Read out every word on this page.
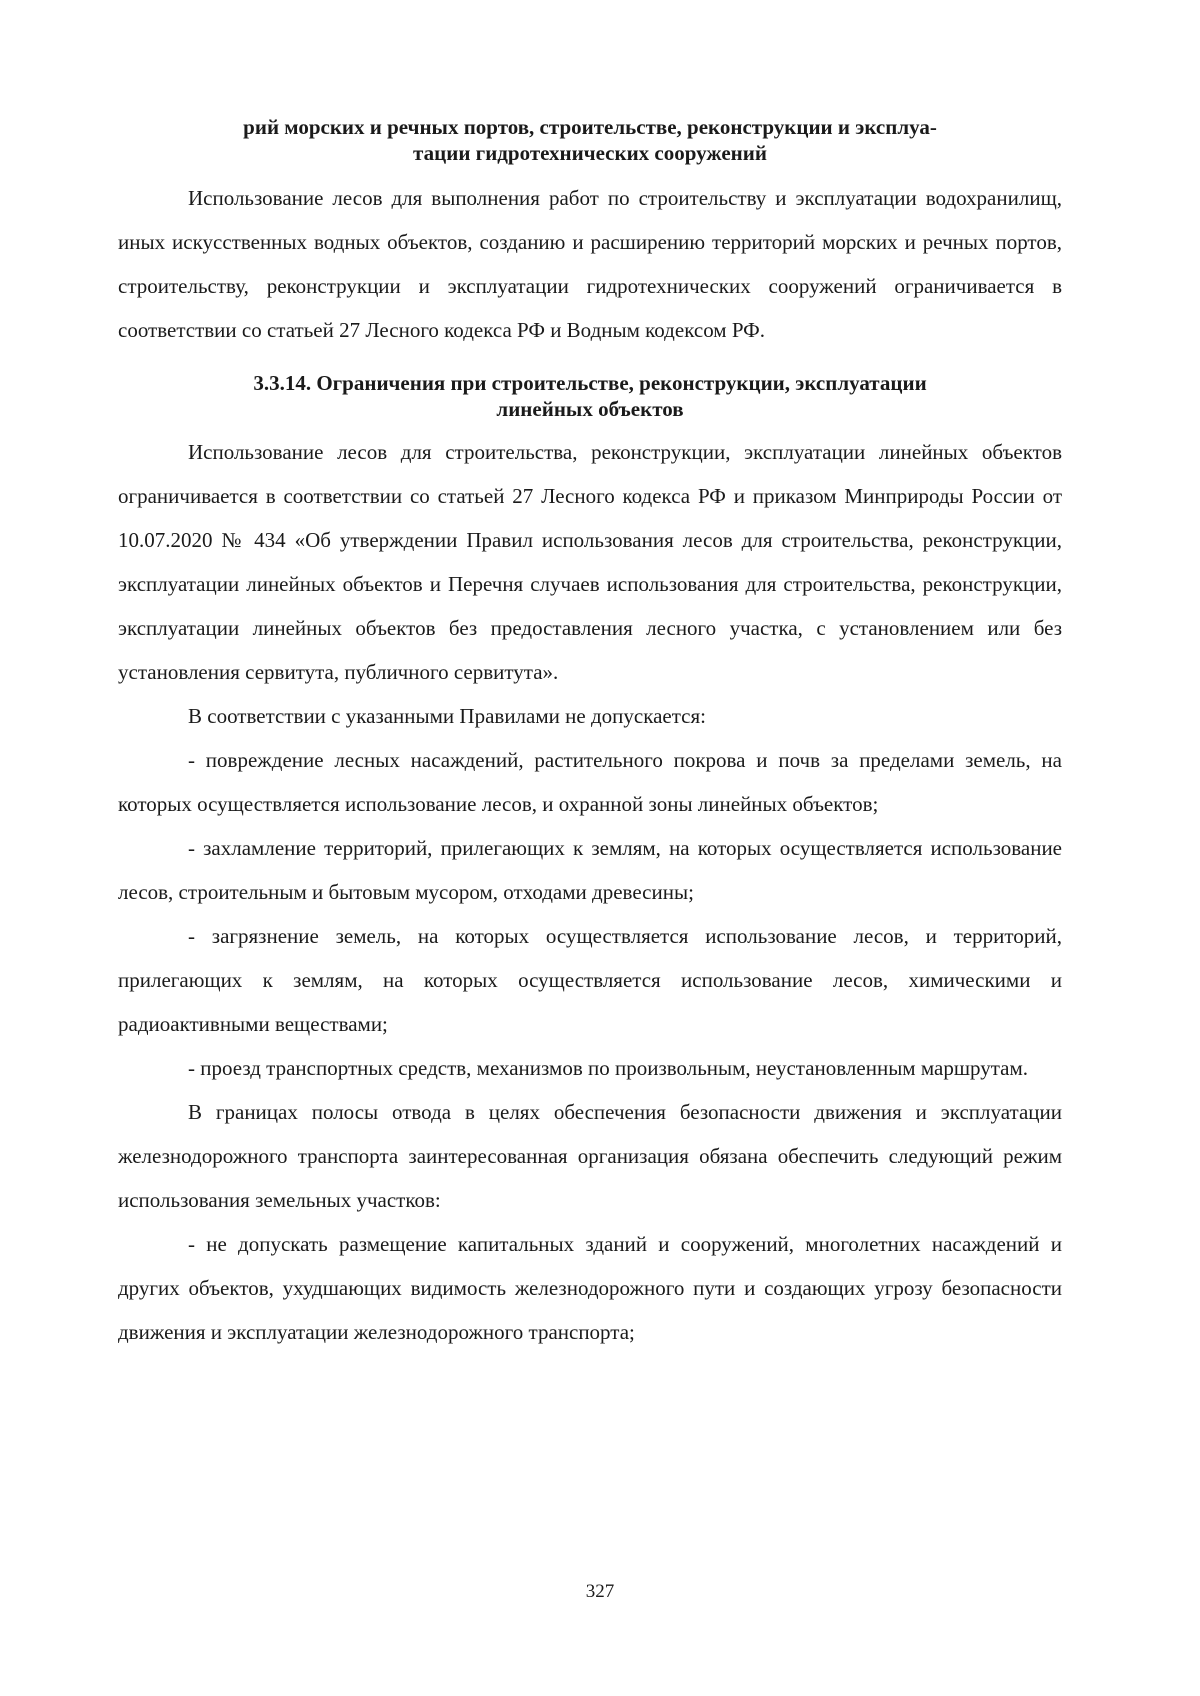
рий морских и речных портов, строительстве, реконструкции и эксплуа-
тации гидротехнических сооружений

Использование лесов для выполнения работ по строительству и эксплуатации водохранилищ, иных искусственных водных объектов, созданию и расширению территорий морских и речных портов, строительству, реконструкции и эксплуатации гидротехнических сооружений ограничивается в соответствии со статьей 27 Лесного кодекса РФ и Водным кодексом РФ.

3.3.14. Ограничения при строительстве, реконструкции, эксплуатации
линейных объектов

Использование лесов для строительства, реконструкции, эксплуатации линейных объектов ограничивается в соответствии со статьей 27 Лесного кодекса РФ и приказом Минприроды России от 10.07.2020 № 434 «Об утверждении Правил использования лесов для строительства, реконструкции, эксплуатации линейных объектов и Перечня случаев использования для строительства, реконструкции, эксплуатации линейных объектов без предоставления лесного участка, с установлением или без установления сервитута, публичного сервитута».

В соответствии с указанными Правилами не допускается:

- повреждение лесных насаждений, растительного покрова и почв за пределами земель, на которых осуществляется использование лесов, и охранной зоны линейных объектов;

- захламление территорий, прилегающих к землям, на которых осуществляется использование лесов, строительным и бытовым мусором, отходами древесины;

- загрязнение земель, на которых осуществляется использование лесов, и территорий, прилегающих к землям, на которых осуществляется использование лесов, химическими и радиоактивными веществами;

- проезд транспортных средств, механизмов по произвольным, неустановленным маршрутам.

В границах полосы отвода в целях обеспечения безопасности движения и эксплуатации железнодорожного транспорта заинтересованная организация обязана обеспечить следующий режим использования земельных участков:

- не допускать размещение капитальных зданий и сооружений, многолетних насаждений и других объектов, ухудшающих видимость железнодорожного пути и создающих угрозу безопасности движения и эксплуатации железнодорожного транспорта;

327
